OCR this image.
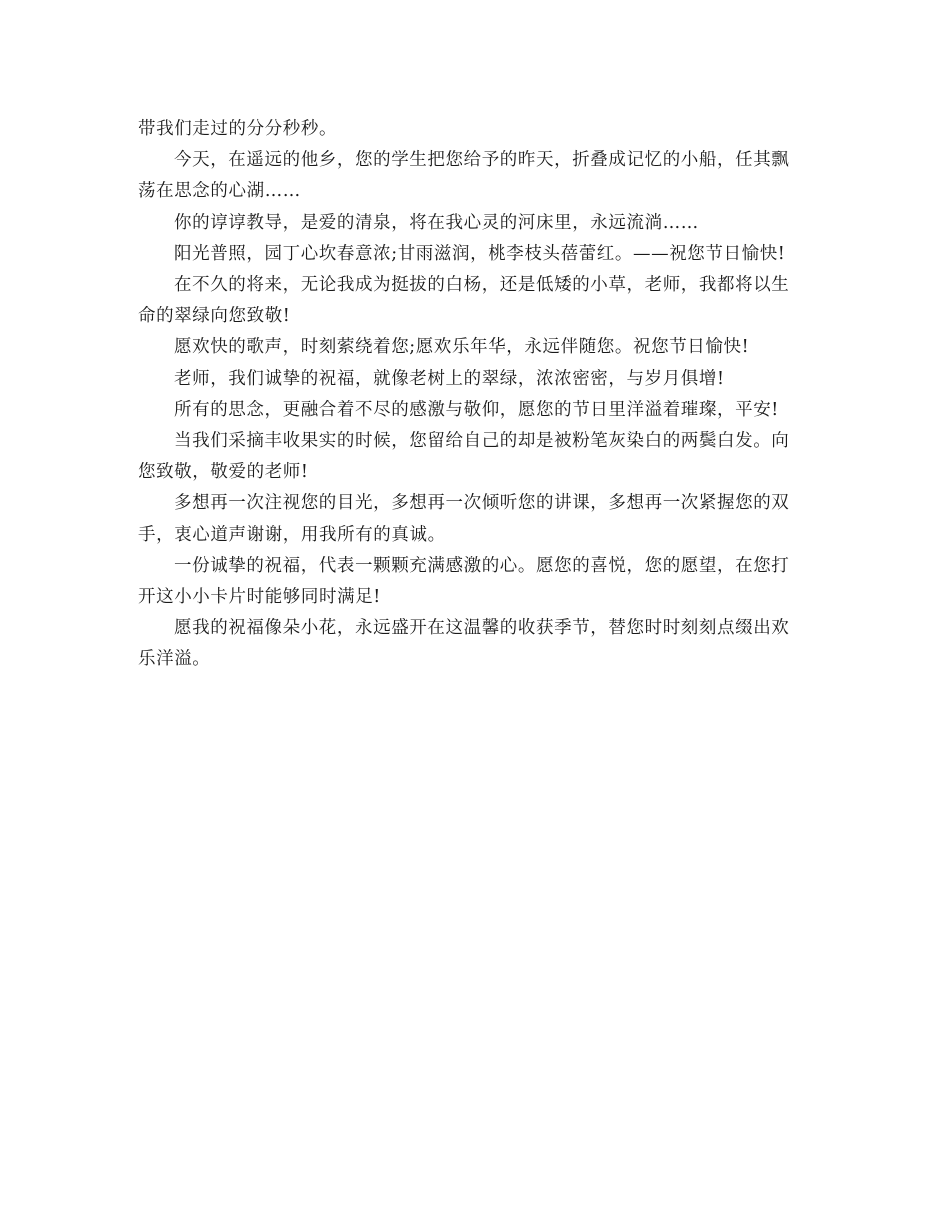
带我们走过的分分秒秒。

今天，在遥远的他乡，您的学生把您给予的昨天，折叠成记忆的小船，任其飘

荡在思念的心湖……

你的谆谆教导，是爱的清泉，将在我心灵的河床里，永远流淌……

阳光普照，园丁心坎春意浓;甘雨滋润，桃李枝头蓓蕾红。——祝您节日愉快!

在不久的将来，无论我成为挺拔的白杨，还是低矮的小草，老师，我都将以生

命的翠绿向您致敬!

愿欢快的歌声，时刻萦绕着您;愿欢乐年华，永远伴随您。祝您节日愉快!

老师，我们诚挚的祝福，就像老树上的翠绿，浓浓密密，与岁月俱增!

所有的思念，更融合着不尽的感激与敬仰，愿您的节日里洋溢着璀璨，平安!

当我们采摘丰收果实的时候，您留给自己的却是被粉笔灰染白的两鬓白发。向

您致敬，敬爱的老师!

多想再一次注视您的目光，多想再一次倾听您的讲课，多想再一次紧握您的双

手，衷心道声谢谢，用我所有的真诚。

一份诚挚的祝福，代表一颗颗充满感激的心。愿您的喜悦，您的愿望，在您打

开这小小卡片时能够同时满足!

愿我的祝福像朵小花，永远盛开在这温馨的收获季节，替您时时刻刻点缀出欢

乐洋溢。
